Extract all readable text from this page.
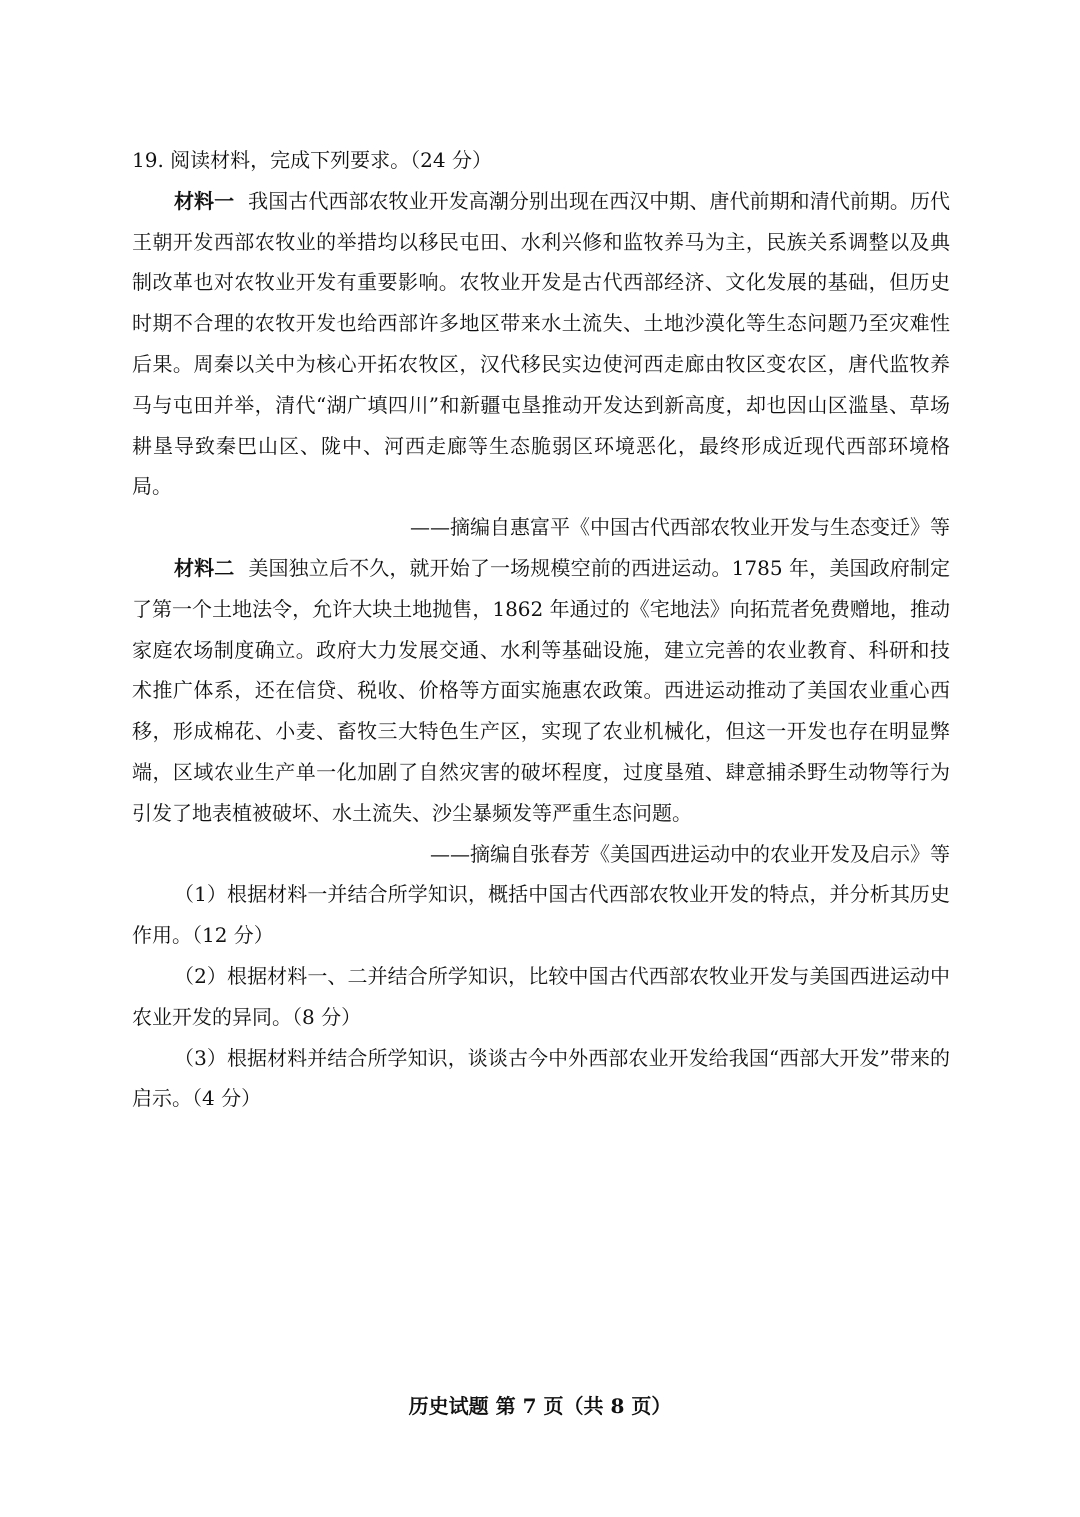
19. 阅读材料，完成下列要求。（24 分）

材料一 我国古代西部农牧业开发高潮分别出现在西汉中期、唐代前期和清代前期。历代王朝开发西部农牧业的举措均以移民屯田、水利兴修和监牧养马为主，民族关系调整以及典制改革也对农牧业开发有重要影响。农牧业开发是古代西部经济、文化发展的基础，但历史时期不合理的农牧开发也给西部许多地区带来水土流失、土地沙漠化等生态问题乃至灾难性后果。周秦以关中为核心开拓农牧区，汉代移民实边使河西走廊由牧区变农区，唐代监牧养马与屯田并举，清代“湖广填四川”和新疆屯垦推动开发达到新高度，却也因山区滥垦、草场耕垦导致秦巴山区、陇中、河西走廊等生态脆弱区环境恶化，最终形成近现代西部环境格局。

——摘编自惠富平《中国古代西部农牧业开发与生态变迁》等

材料二 美国独立后不久，就开始了一场规模空前的西进运动。1785 年，美国政府制定了第一个土地法令，允许大块土地抛售，1862 年通过的《宅地法》向拓荒者免费赠地，推动家庭农场制度确立。政府大力发展交通、水利等基础设施，建立完善的农业教育、科研和技术推广体系，还在信贷、税收、价格等方面实施惠农政策。西进运动推动了美国农业重心西移，形成棉花、小麦、畜牧三大特色生产区，实现了农业机械化，但这一开发也存在明显弊端，区域农业生产单一化加剧了自然灾害的破坏程度，过度垦殖、肆意捕杀野生动物等行为引发了地表植被破坏、水土流失、沙尘暴频发等严重生态问题。

——摘编自张春芳《美国西进运动中的农业开发及启示》等

（1）根据材料一并结合所学知识，概括中国古代西部农牧业开发的特点，并分析其历史作用。（12 分）

（2）根据材料一、二并结合所学知识，比较中国古代西部农牧业开发与美国西进运动中农业开发的异同。（8 分）

（3）根据材料并结合所学知识，谈谈古今中外西部农业开发给我国“西部大开发”带来的启示。（4 分）

历史试题 第 7 页（共 8 页）
